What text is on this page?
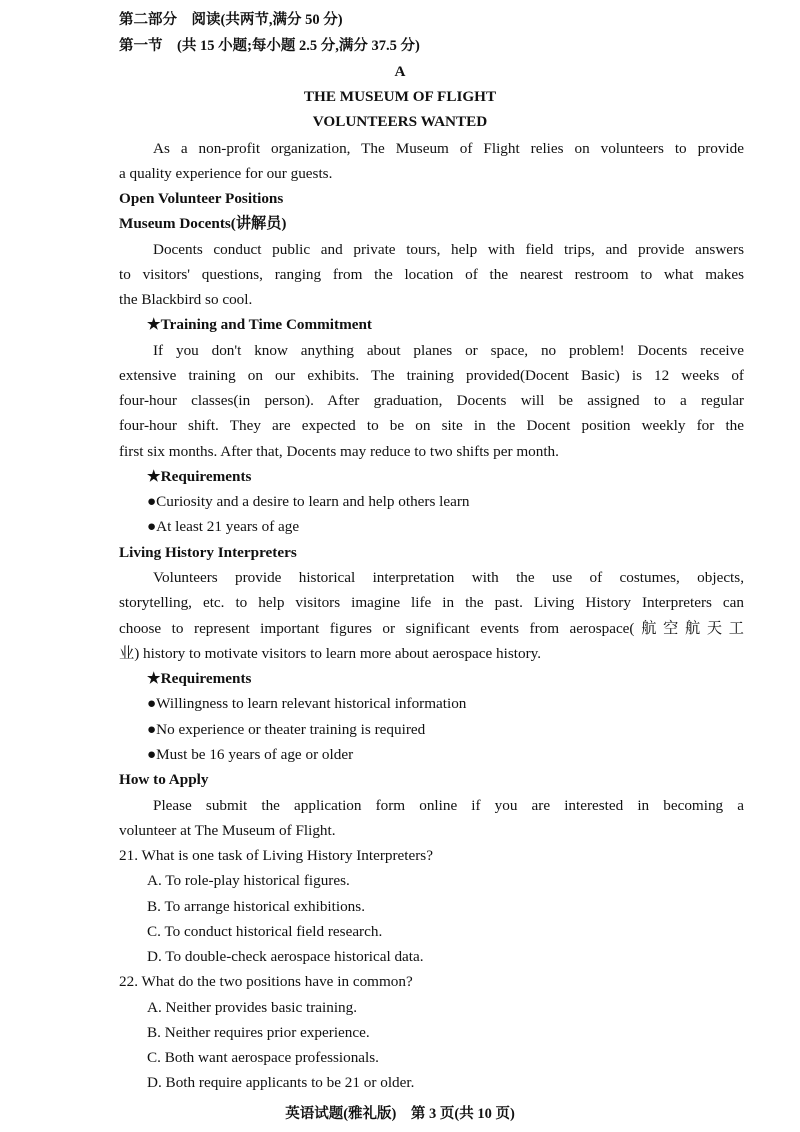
第二部分　阅读(共两节,满分 50 分)
第一节　(共 15 小题;每小题 2.5 分,满分 37.5 分)
A
THE MUSEUM OF FLIGHT
VOLUNTEERS WANTED
As a non-profit organization, The Museum of Flight relies on volunteers to provide
a quality experience for our guests.
Open Volunteer Positions
Museum Docents(讲解员)
Docents conduct public and private tours, help with field trips, and provide answers
to visitors' questions, ranging from the location of the nearest restroom to what makes
the Blackbird so cool.
★Training and Time Commitment
If you don't know anything about planes or space, no problem! Docents receive
extensive training on our exhibits. The training provided(Docent Basic) is 12 weeks of
four-hour classes(in person). After graduation, Docents will be assigned to a regular
four-hour shift. They are expected to be on site in the Docent position weekly for the
first six months. After that, Docents may reduce to two shifts per month.
★Requirements
●Curiosity and a desire to learn and help others learn
●At least 21 years of age
Living History Interpreters
Volunteers provide historical interpretation with the use of costumes, objects,
storytelling, etc. to help visitors imagine life in the past. Living History Interpreters can
choose to represent important figures or significant events from aerospace(航空航天工
业) history to motivate visitors to learn more about aerospace history.
★Requirements
●Willingness to learn relevant historical information
●No experience or theater training is required
●Must be 16 years of age or older
How to Apply
Please submit the application form online if you are interested in becoming a
volunteer at The Museum of Flight.
21. What is one task of Living History Interpreters?
A. To role-play historical figures.
B. To arrange historical exhibitions.
C. To conduct historical field research.
D. To double-check aerospace historical data.
22. What do the two positions have in common?
A. Neither provides basic training.
B. Neither requires prior experience.
C. Both want aerospace professionals.
D. Both require applicants to be 21 or older.
英语试题(雅礼版)　第 3 页(共 10 页)
